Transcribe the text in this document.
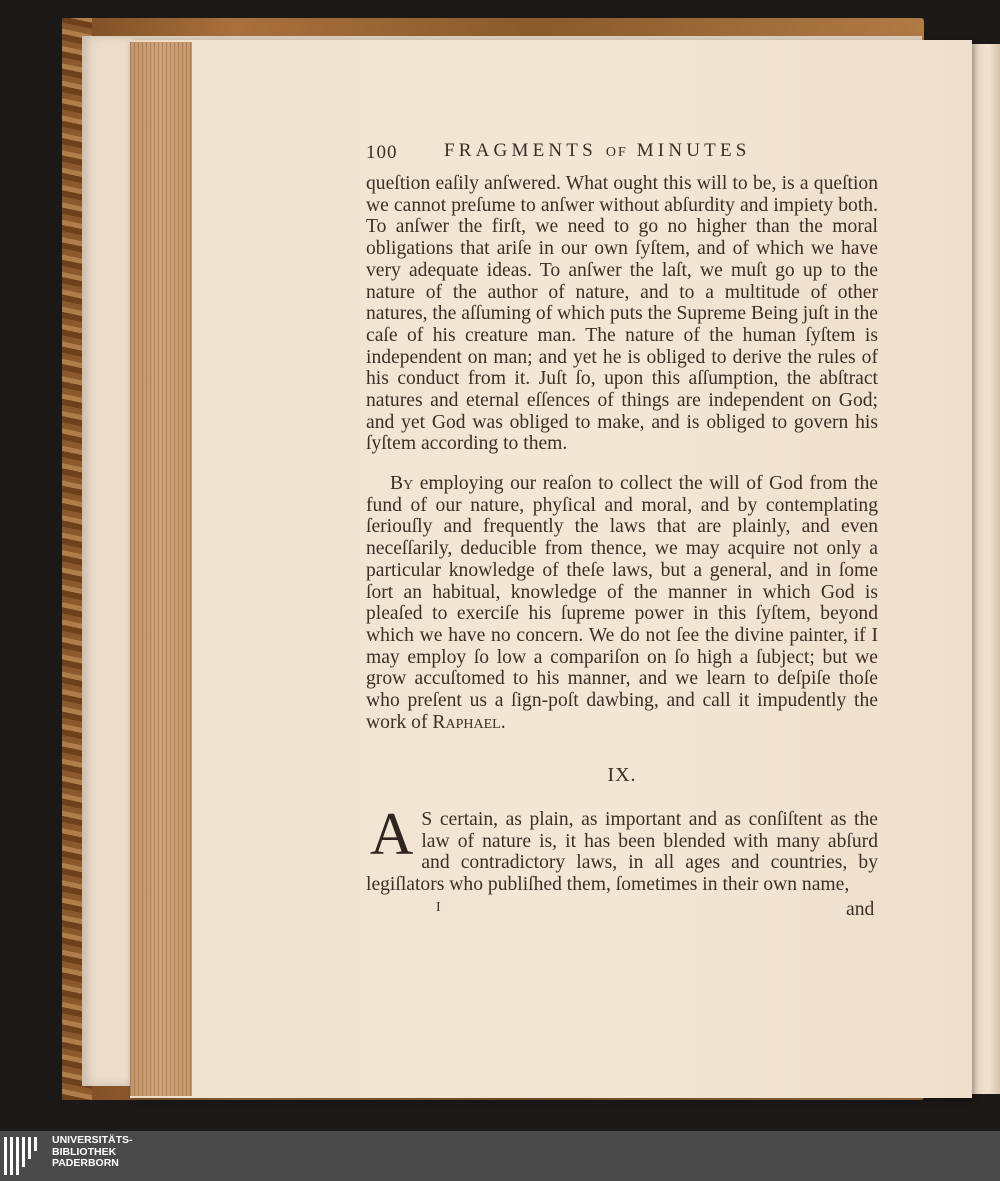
100 FRAGMENTS OF MINUTES
queſtion eaſily anſwered. What ought this will to be, is a queſtion we cannot preſume to anſwer without abſurdity and impiety both. To anſwer the firſt, we need to go no higher than the moral obligations that ariſe in our own ſyſtem, and of which we have very adequate ideas. To anſwer the laſt, we muſt go up to the nature of the author of nature, and to a multitude of other natures, the aſſuming of which puts the Supreme Being juſt in the caſe of his creature man. The nature of the human ſyſtem is independent on man; and yet he is obliged to derive the rules of his conduct from it. Juſt ſo, upon this aſſumption, the abſtract natures and eternal eſſences of things are independent on God; and yet God was obliged to make, and is obliged to govern his ſyſtem according to them.
By employing our reaſon to collect the will of God from the fund of our nature, phyſical and moral, and by contemplating ſeriouſly and frequently the laws that are plainly, and even neceſſarily, deducible from thence, we may acquire not only a particular knowledge of theſe laws, but a general, and in ſome ſort an habitual, knowledge of the manner in which God is pleaſed to exerciſe his ſupreme power in this ſyſtem, beyond which we have no concern. We do not ſee the divine painter, if I may employ ſo low a compariſon on ſo high a ſubject; but we grow accuſtomed to his manner, and we learn to deſpiſe thoſe who preſent us a ſign-poſt dawbing, and call it impudently the work of Raphael.
IX.
A S certain, as plain, as important and as conſiſtent as the law of nature is, it has been blended with many abſurd and contradictory laws, in all ages and countries, by legiſlators who publiſhed them, ſometimes in their own name,
I	and
UNIVERSITÄTS-
BIBLIOTHEK
PADERBORN
